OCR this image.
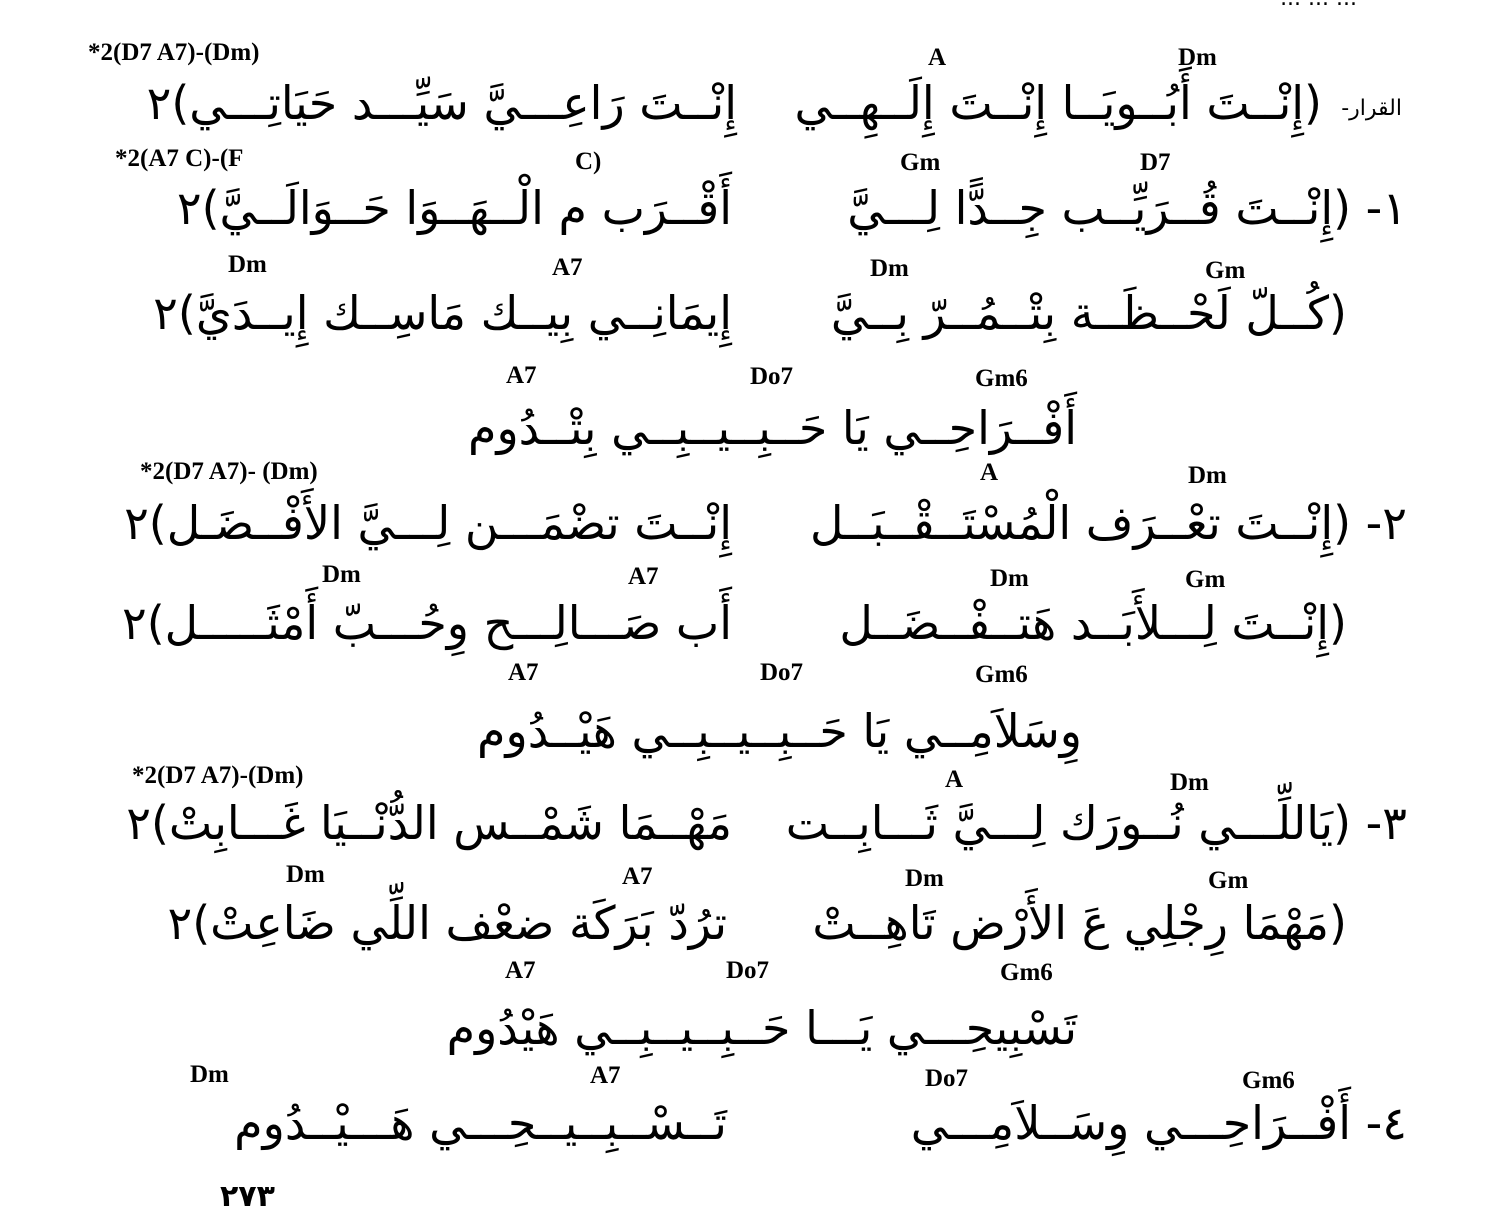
*2(D7 A7)-(Dm)	A	Dm
القرار-
(إِنْــتَ أَبُــويَــا إِنْــتَ إِلَــهِــي
إِنْــتَ رَاعِـــيَّ سَيِّـــد حَيَاتِـــي)٢
*2(A7 C)-(F	C)	Gm	D7
١- (إِنْــتَ قُــرَيِّــب جِــدًّا لِـــيَّ
أَقْــرَب م الْــهَــوَا حَــوَالَــيَّ)٢
Dm	A7	Dm	Gm
(كُــلّ لَحْــظَــة بِتْــمُــرّ بِــيَّ
إِيمَانِــي بِيــك مَاسِــك إِيــدَيَّ)٢
A7	Do7	Gm6
أَفْــرَاحِــي يَا حَــبِــيــبِــي بِتْــدُوم
*2(D7 A7)- (Dm)	A	Dm
٢- (إِنْــتَ تعْــرَف الْمُسْتَــقْــبَــل
إِنْــتَ تضْمَـــن لِـــيَّ الأَفْــضَـل)٢
Dm	A7	Dm	Gm
(إِنْــتَ لِـــلأَبَــد هَتــفْــضَــل
أَب صَـــالِـــح وِحُـــبّ أَمْثَـــــل)٢
A7	Do7	Gm6
وِسَلاَمِــي يَا حَــبِــيــبِــي هَيْــدُوم
*2(D7 A7)-(Dm)	A	Dm
٣- (يَاللِّـــي نُــورَك لِـــيَّ ثَـــابِــت
مَهْــمَا شَمْــس الدُّنْــيَا غَـــابِتْ)٢
Dm	A7	Dm	Gm
(مَهْمَا رِجْلِي عَ الأَرْض تَاهِــتْ
ترُدّ بَرَكَة ضعْف اللِّي ضَاعِتْ)٢
A7	Do7	Gm6
تَسْبِيحِـــي يَـــا حَــبِــيــبِــي هَيْدُوم
Dm	A7	Do7	Gm6
٤- أَفْــرَاحِـــي وِسَــلاَمِـــي
تَــسْــبِــيــحِـــي هَـــيْــدُوم
٢٧٣
